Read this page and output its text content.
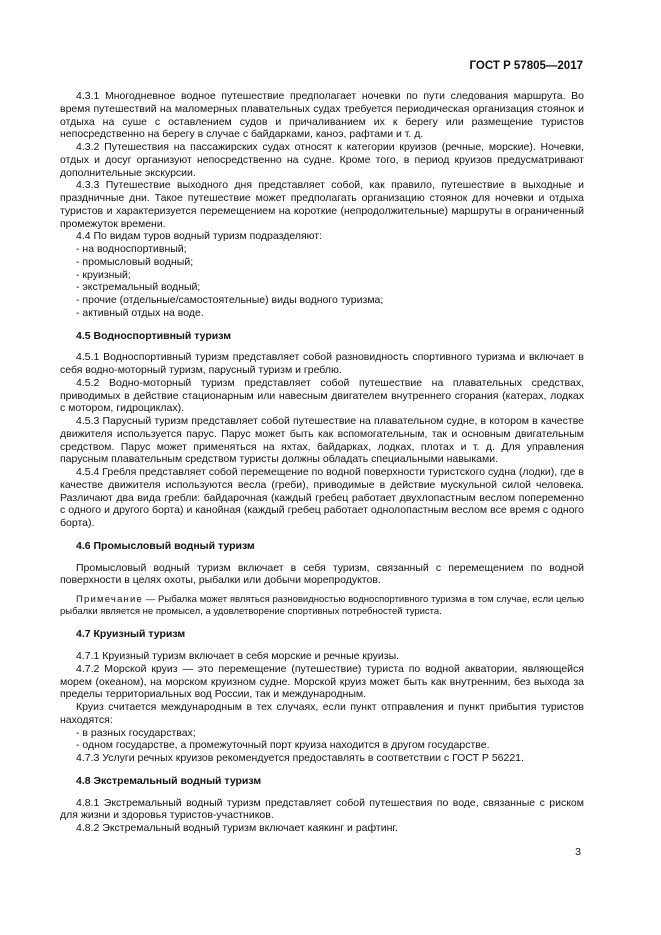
ГОСТ Р 57805—2017

4.3.1 Многодневное водное путешествие предполагает ночевки по пути следования маршрута. Во время путешествий на маломерных плавательных судах требуется периодическая организация стоянок и отдыха на суше с оставлением судов и причаливанием их к берегу или размещение туристов непосредственно на берегу в случае с байдарками, каноэ, рафтами и т. д.

4.3.2 Путешествия на пассажирских судах относят к категории круизов (речные, морские). Ночевки, отдых и досуг организуют непосредственно на судне. Кроме того, в период круизов предусматривают дополнительные экскурсии.

4.3.3 Путешествие выходного дня представляет собой, как правило, путешествие в выходные и праздничные дни. Такое путешествие может предполагать организацию стоянок для ночевки и отдыха туристов и характеризуется перемещением на короткие (непродолжительные) маршруты в ограниченный промежуток времени.

4.4 По видам туров водный туризм подразделяют:

- на водноспортивный;

- промысловый водный;

- круизный;

- экстремальный водный;

- прочие (отдельные/самостоятельные) виды водного туризма;

- активный отдых на воде.

4.5 Водноспортивный туризм

4.5.1 Водноспортивный туризм представляет собой разновидность спортивного туризма и включает в себя водно-моторный туризм, парусный туризм и греблю.

4.5.2 Водно-моторный туризм представляет собой путешествие на плавательных средствах, приводимых в действие стационарным или навесным двигателем внутреннего сгорания (катерах, лодках с мотором, гидроциклах).

4.5.3 Парусный туризм представляет собой путешествие на плавательном судне, в котором в качестве движителя используется парус. Парус может быть как вспомогательным, так и основным двигательным средством. Парус может применяться на яхтах, байдарках, лодках, плотах и т. д. Для управления парусным плавательным средством туристы должны обладать специальными навыками.

4.5.4 Гребля представляет собой перемещение по водной поверхности туристского судна (лодки), где в качестве движителя используются весла (греби), приводимые в действие мускульной силой человека. Различают два вида гребли: байдарочная (каждый гребец работает двухлопастным веслом попеременно с одного и другого борта) и канойная (каждый гребец работает однолопастным веслом все время с одного борта).

4.6 Промысловый водный туризм

Промысловый водный туризм включает в себя туризм, связанный с перемещением по водной поверхности в целях охоты, рыбалки или добычи морепродуктов.

Примечание — Рыбалка может являться разновидностью водноспортивного туризма в том случае, если целью рыбалки является не промысел, а удовлетворение спортивных потребностей туриста.

4.7 Круизный туризм

4.7.1 Круизный туризм включает в себя морские и речные круизы.

4.7.2 Морской круиз — это перемещение (путешествие) туриста по водной акватории, являющейся морем (океаном), на морском круизном судне. Морской круиз может быть как внутренним, без выхода за пределы территориальных вод России, так и международным.

Круиз считается международным в тех случаях, если пункт отправления и пункт прибытия туристов находятся:

- в разных государствах;

- одном государстве, а промежуточный порт круиза находится в другом государстве.

4.7.3 Услуги речных круизов рекомендуется предоставлять в соответствии с ГОСТ Р 56221.

4.8 Экстремальный водный туризм

4.8.1 Экстремальный водный туризм представляет собой путешествия по воде, связанные с риском для жизни и здоровья туристов-участников.

4.8.2 Экстремальный водный туризм включает каякинг и рафтинг.

3
